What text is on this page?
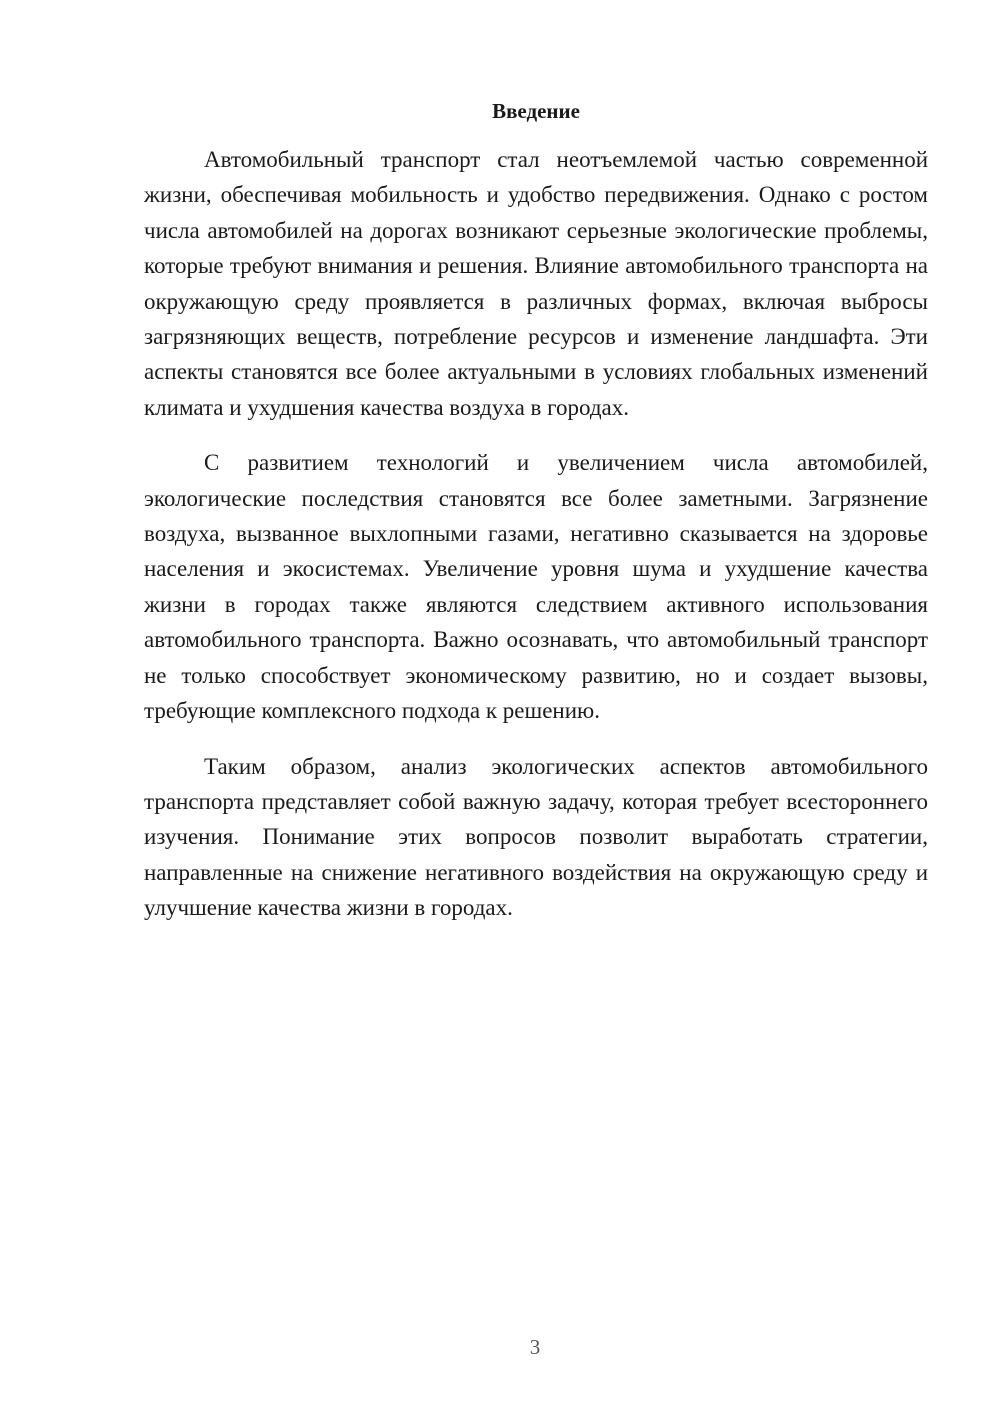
Введение

Автомобильный транспорт стал неотъемлемой частью современной жизни, обеспечивая мобильность и удобство передвижения. Однако с ростом числа автомобилей на дорогах возникают серьезные экологические проблемы, которые требуют внимания и решения. Влияние автомобильного транспорта на окружающую среду проявляется в различных формах, включая выбросы загрязняющих веществ, потребление ресурсов и изменение ландшафта. Эти аспекты становятся все более актуальными в условиях глобальных изменений климата и ухудшения качества воздуха в городах.

С развитием технологий и увеличением числа автомобилей, экологические последствия становятся все более заметными. Загрязнение воздуха, вызванное выхлопными газами, негативно сказывается на здоровье населения и экосистемах. Увеличение уровня шума и ухудшение качества жизни в городах также являются следствием активного использования автомобильного транспорта. Важно осознавать, что автомобильный транспорт не только способствует экономическому развитию, но и создает вызовы, требующие комплексного подхода к решению.

Таким образом, анализ экологических аспектов автомобильного транспорта представляет собой важную задачу, которая требует всестороннего изучения. Понимание этих вопросов позволит выработать стратегии, направленные на снижение негативного воздействия на окружающую среду и улучшение качества жизни в городах.

3
